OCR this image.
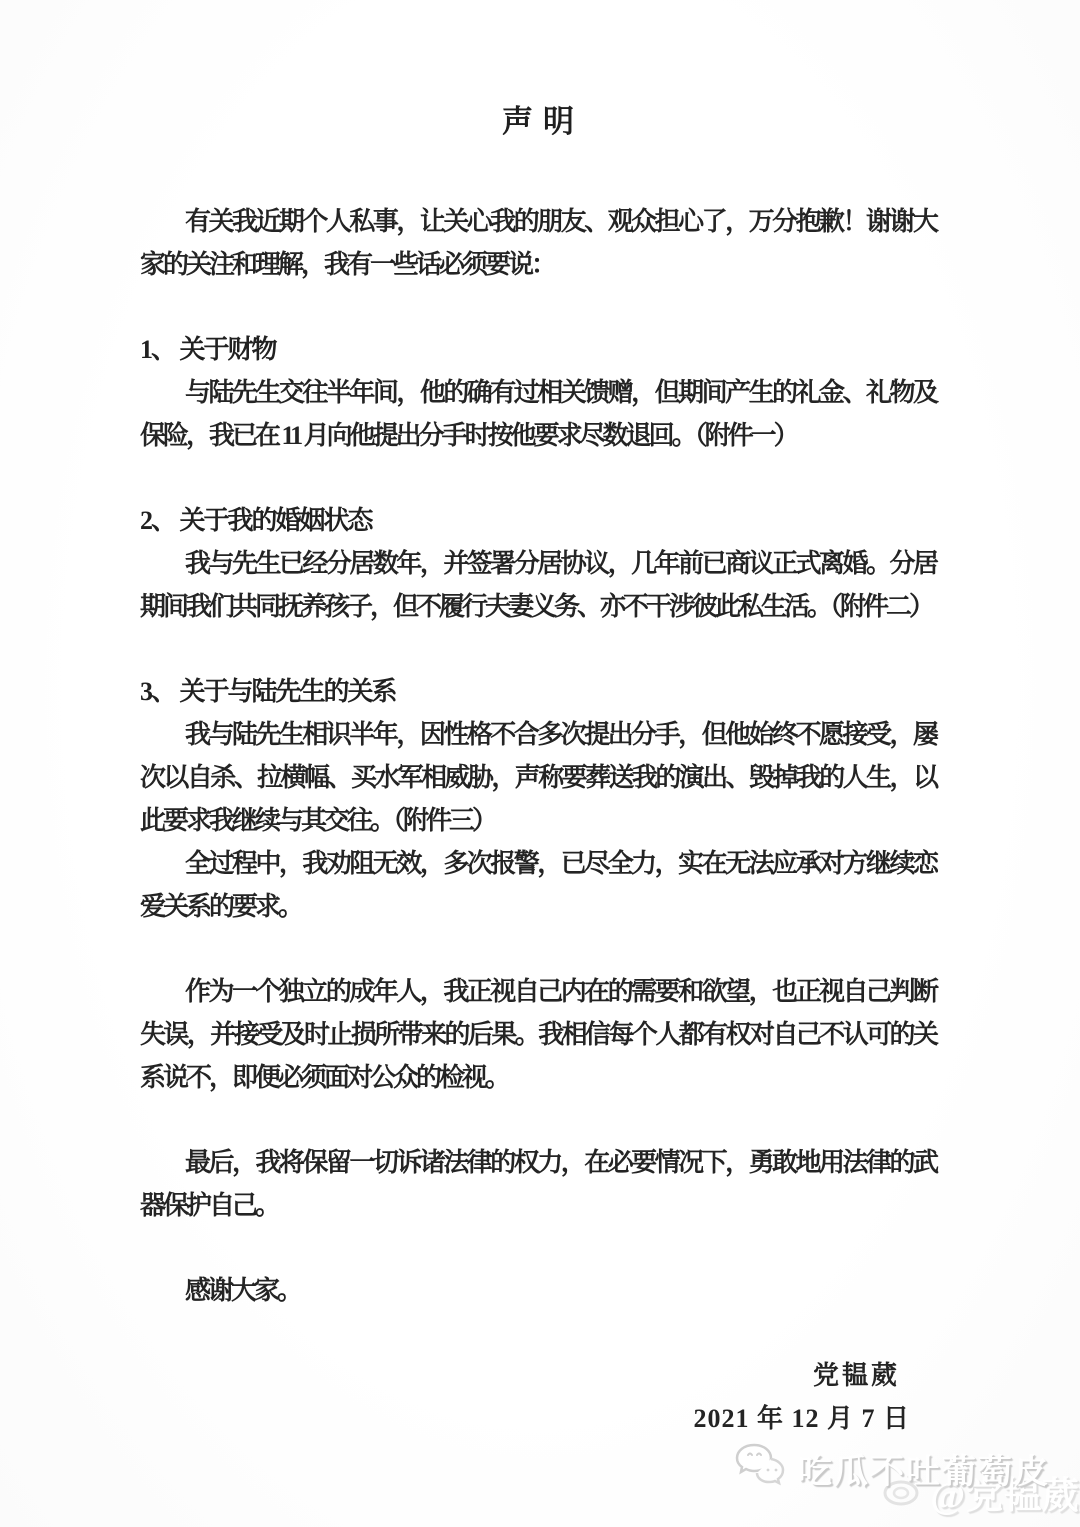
声明

有关我近期个人私事，让关心我的朋友、观众担心了，万分抱歉！谢谢大家的关注和理解，我有一些话必须要说：

1、 关于财物

与陆先生交往半年间，他的确有过相关馈赠，但期间产生的礼金、礼物及保险，我已在 11 月向他提出分手时按他要求尽数退回。（附件一）

2、 关于我的婚姻状态

我与先生已经分居数年，并签署分居协议，几年前已商议正式离婚。分居期间我们共同抚养孩子，但不履行夫妻义务、亦不干涉彼此私生活。（附件二）

3、 关于与陆先生的关系

我与陆先生相识半年，因性格不合多次提出分手，但他始终不愿接受，屡次以自杀、拉横幅、买水军相威胁，声称要葬送我的演出、毁掉我的人生，以此要求我继续与其交往。（附件三）

全过程中，我劝阻无效，多次报警，已尽全力，实在无法应承对方继续恋爱关系的要求。

作为一个独立的成年人，我正视自己内在的需要和欲望，也正视自己判断失误，并接受及时止损所带来的后果。我相信每个人都有权对自己不认可的关系说不，即便必须面对公众的检视。

最后，我将保留一切诉诸法律的权力，在必要情况下，勇敢地用法律的武器保护自己。

感谢大家。

党韫葳
2021 年 12 月 7 日
@党韫葳
吃瓜不吐葡萄皮
